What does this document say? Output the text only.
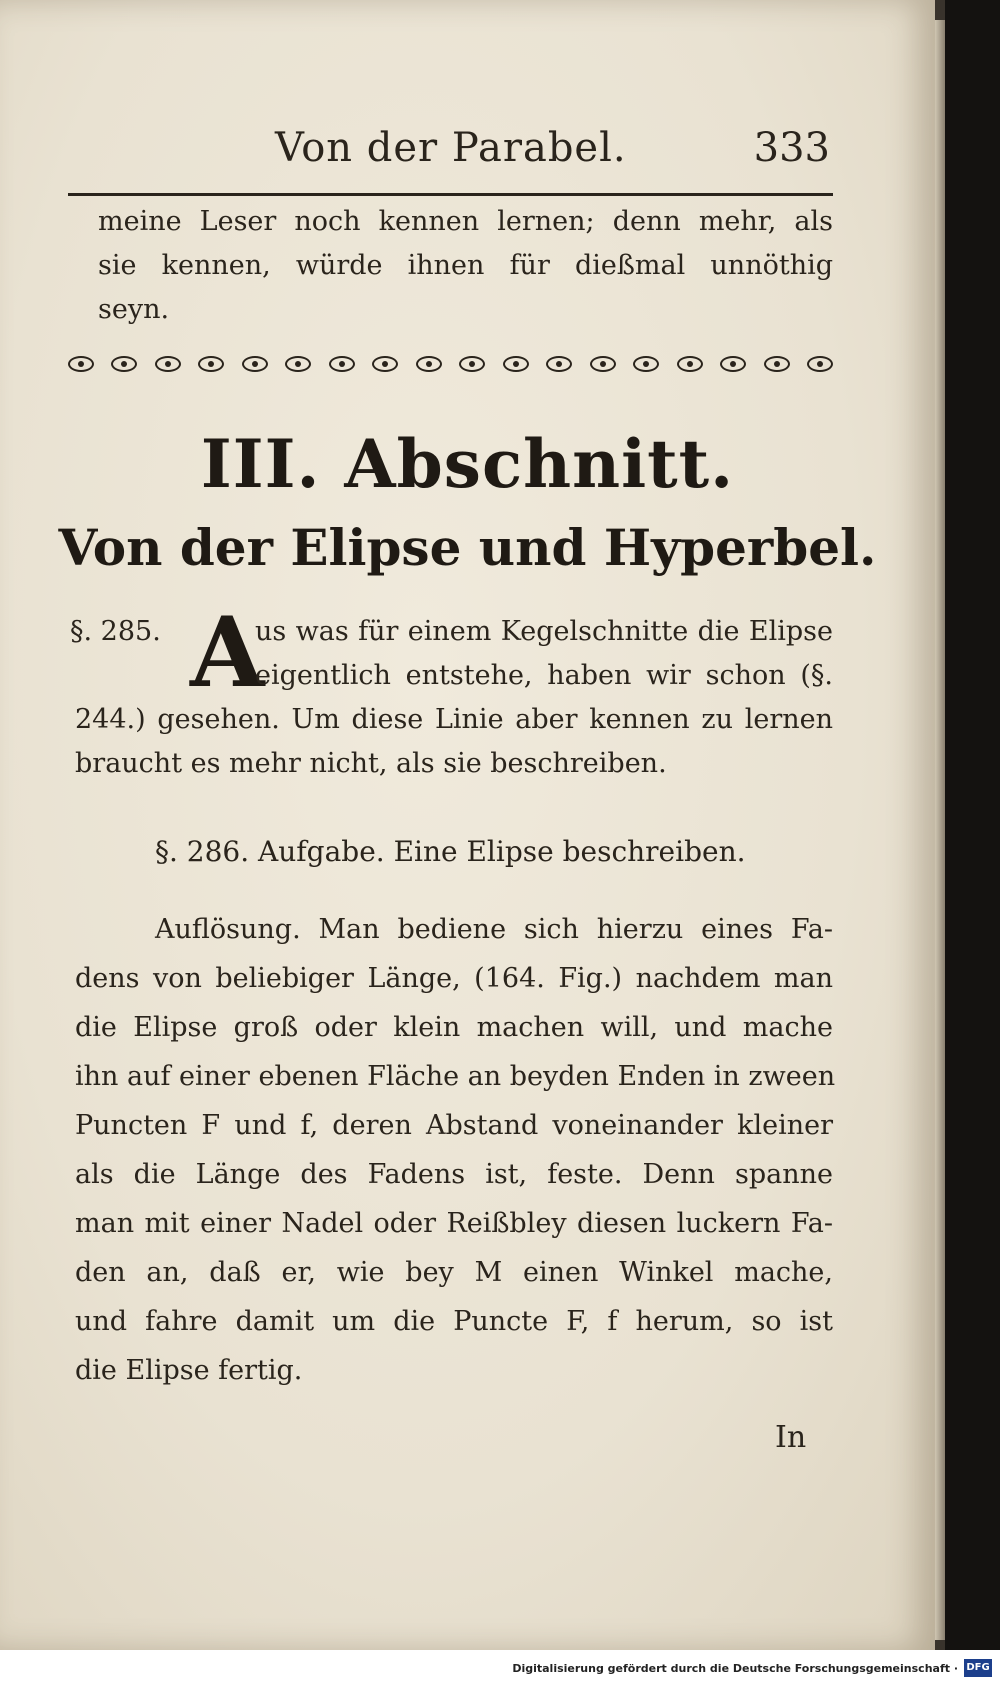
Von der Parabel.	333
meine Leser noch kennen lernen; denn mehr, als
sie kennen, würde ihnen für dießmal unnöthig
seyn.
III. Abschnitt.
Von der Elipse und Hyperbel.
§. 285. A
us was für einem Kegelschnitte die Elipse
eigentlich entstehe, haben wir schon (§.
244.) gesehen. Um diese Linie aber kennen zu lernen
braucht es mehr nicht, als sie beschreiben.
§. 286. Aufgabe. Eine Elipse beschreiben.
Auflösung. Man bediene sich hierzu eines Fa-
dens von beliebiger Länge, (164. Fig.) nachdem man
die Elipse groß oder klein machen will, und mache
ihn auf einer ebenen Fläche an beyden Enden in zween
Puncten F und f, deren Abstand voneinander kleiner
als die Länge des Fadens ist, feste. Denn spanne
man mit einer Nadel oder Reißbley diesen luckern Fa-
den an, daß er, wie bey M einen Winkel mache,
und fahre damit um die Puncte F, f herum, so ist
die Elipse fertig.
In
Digitalisierung gefördert durch die Deutsche Forschungsgemeinschaft · DFG
